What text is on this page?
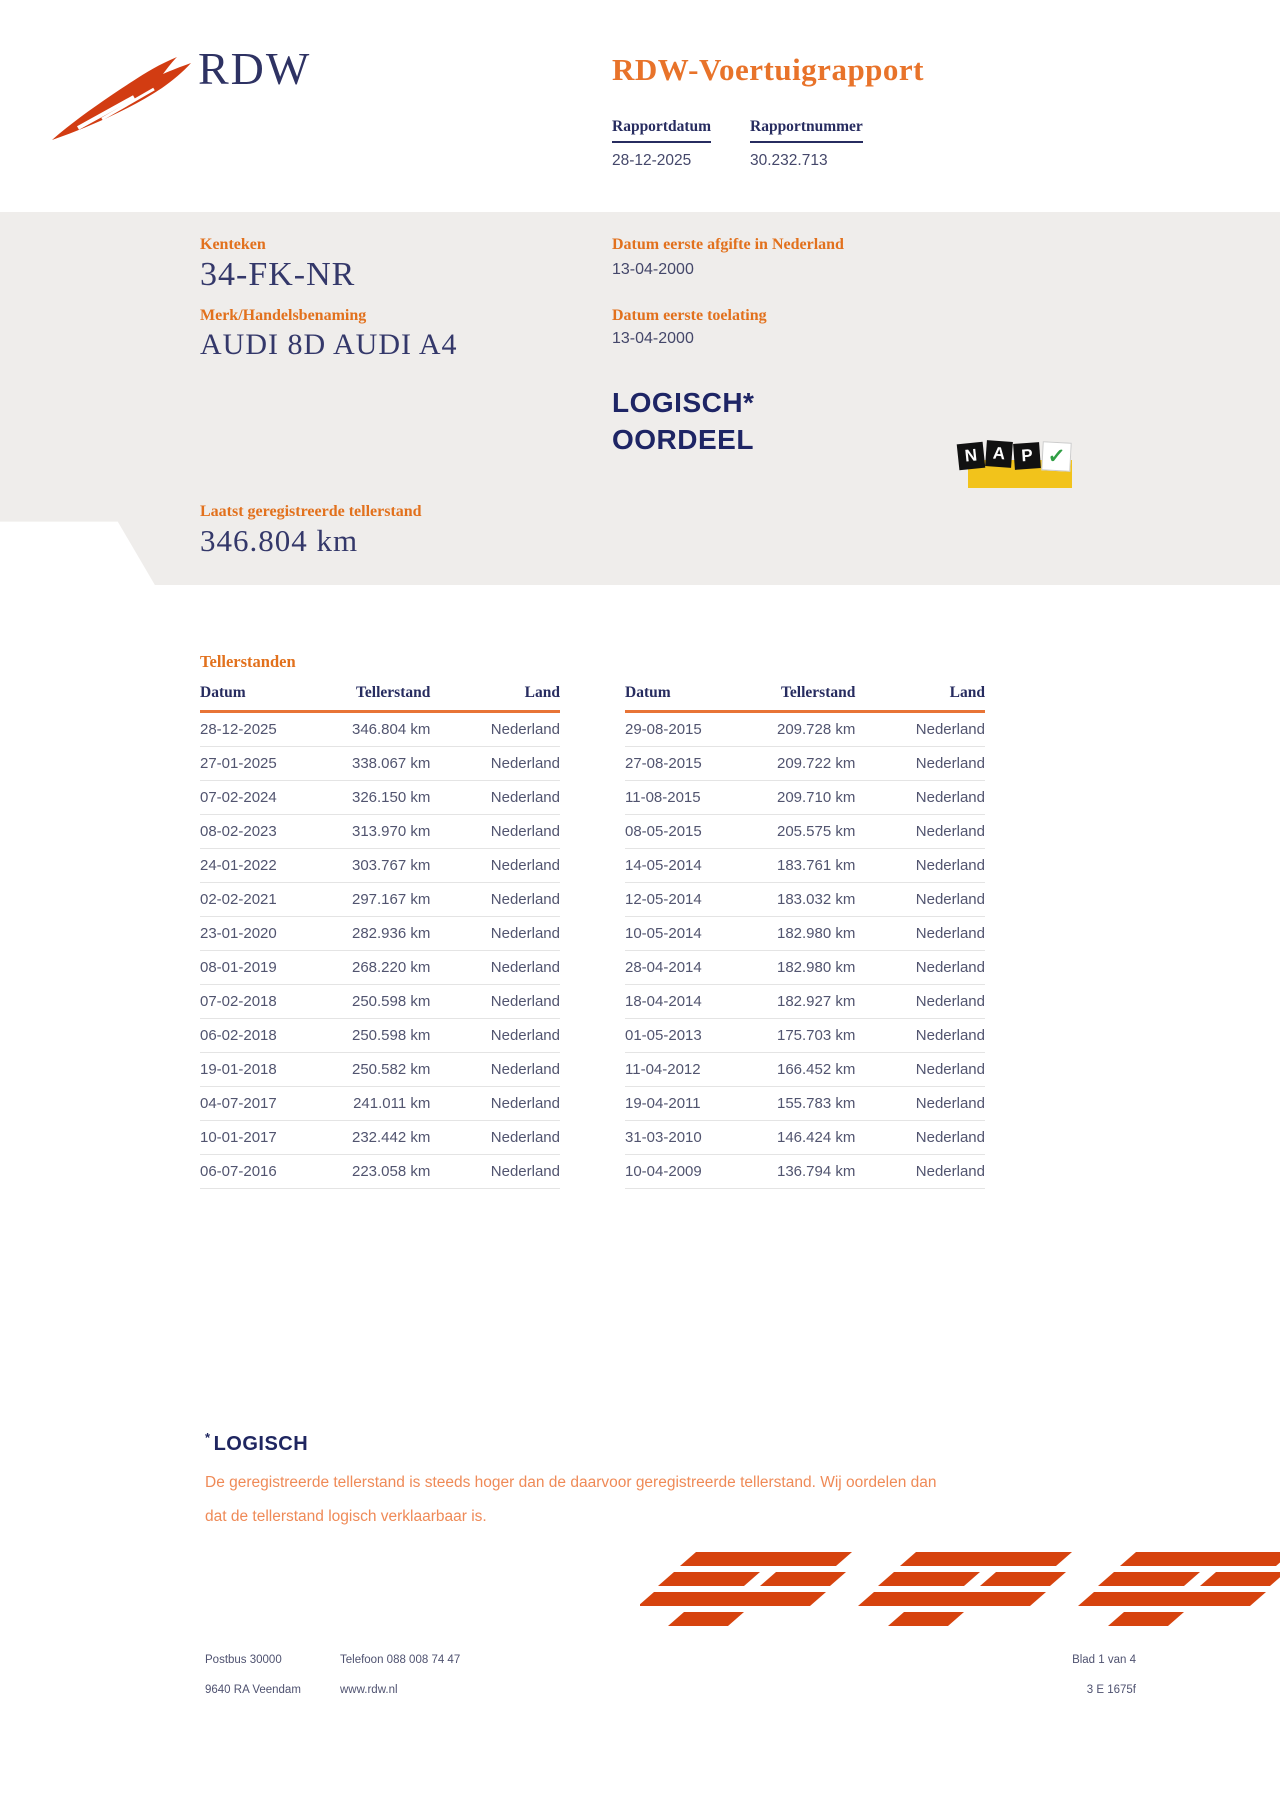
RDW	RDW-Voertuigrapport
Rapportdatum
28-12-2025
Rapportnummer
30.232.713
Kenteken
34-FK-NR
Merk/Handelsbenaming
AUDI 8D AUDI A4
Datum eerste afgifte in Nederland
13-04-2000
Datum eerste toelating
13-04-2000
LOGISCH*
OORDEEL
N A P ✓
Laatst geregistreerde tellerstand
346.804 km
Tellerstanden
Datum	Tellerstand	Land
28-12-2025	346.804 km	Nederland
27-01-2025	338.067 km	Nederland
07-02-2024	326.150 km	Nederland
08-02-2023	313.970 km	Nederland
24-01-2022	303.767 km	Nederland
02-02-2021	297.167 km	Nederland
23-01-2020	282.936 km	Nederland
08-01-2019	268.220 km	Nederland
07-02-2018	250.598 km	Nederland
06-02-2018	250.598 km	Nederland
19-01-2018	250.582 km	Nederland
04-07-2017	241.011 km	Nederland
10-01-2017	232.442 km	Nederland
06-07-2016	223.058 km	Nederland
Datum	Tellerstand	Land
29-08-2015	209.728 km	Nederland
27-08-2015	209.722 km	Nederland
11-08-2015	209.710 km	Nederland
08-05-2015	205.575 km	Nederland
14-05-2014	183.761 km	Nederland
12-05-2014	183.032 km	Nederland
10-05-2014	182.980 km	Nederland
28-04-2014	182.980 km	Nederland
18-04-2014	182.927 km	Nederland
01-05-2013	175.703 km	Nederland
11-04-2012	166.452 km	Nederland
19-04-2011	155.783 km	Nederland
31-03-2010	146.424 km	Nederland
10-04-2009	136.794 km	Nederland
* LOGISCH
De geregistreerde tellerstand is steeds hoger dan de daarvoor geregistreerde tellerstand. Wij oordelen dan
dat de tellerstand logisch verklaarbaar is.
Postbus 30000
9640 RA Veendam
Telefoon 088 008 74 47
www.rdw.nl
Blad 1 van 4
3 E 1675f
